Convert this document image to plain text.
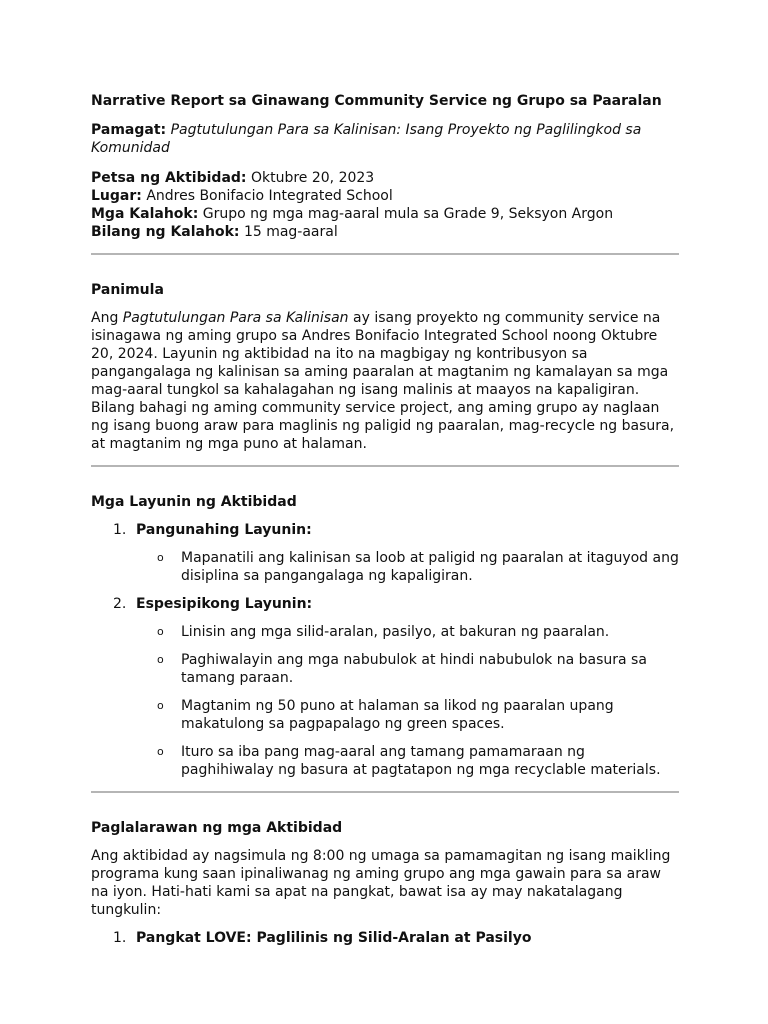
Narrative Report sa Ginawang Community Service ng Grupo sa Paaralan

Pamagat: Pagtutulungan Para sa Kalinisan: Isang Proyekto ng Paglilingkod sa Komunidad

Petsa ng Aktibidad: Oktubre 20, 2023

Lugar: Andres Bonifacio Integrated School

Mga Kalahok: Grupo ng mga mag-aaral mula sa Grade 9, Seksyon Argon

Bilang ng Kalahok: 15 mag-aaral

Panimula

Ang Pagtutulungan Para sa Kalinisan ay isang proyekto ng community service na isinagawa ng aming grupo sa Andres Bonifacio Integrated School noong Oktubre 20, 2024. Layunin ng aktibidad na ito na magbigay ng kontribusyon sa pangangalaga ng kalinisan sa aming paaralan at magtanim ng kamalayan sa mga mag-aaral tungkol sa kahalagahan ng isang malinis at maayos na kapaligiran. Bilang bahagi ng aming community service project, ang aming grupo ay naglaan ng isang buong araw para maglinis ng paligid ng paaralan, mag-recycle ng basura, at magtanim ng mga puno at halaman.

Mga Layunin ng Aktibidad

1. Pangunahing Layunin:
o Mapanatili ang kalinisan sa loob at paligid ng paaralan at itaguyod ang disiplina sa pangangalaga ng kapaligiran.
2. Espesipikong Layunin:
o Linisin ang mga silid-aralan, pasilyo, at bakuran ng paaralan.
o Paghiwalayin ang mga nabubulok at hindi nabubulok na basura sa tamang paraan.
o Magtanim ng 50 puno at halaman sa likod ng paaralan upang makatulong sa pagpapalago ng green spaces.
o Ituro sa iba pang mag-aaral ang tamang pamamaraan ng paghihiwalay ng basura at pagtatapon ng mga recyclable materials.

Paglalarawan ng mga Aktibidad

Ang aktibidad ay nagsimula ng 8:00 ng umaga sa pamamagitan ng isang maikling programa kung saan ipinaliwanag ng aming grupo ang mga gawain para sa araw na iyon. Hati-hati kami sa apat na pangkat, bawat isa ay may nakatalagang tungkulin:

1. Pangkat LOVE: Paglilinis ng Silid-Aralan at Pasilyo
